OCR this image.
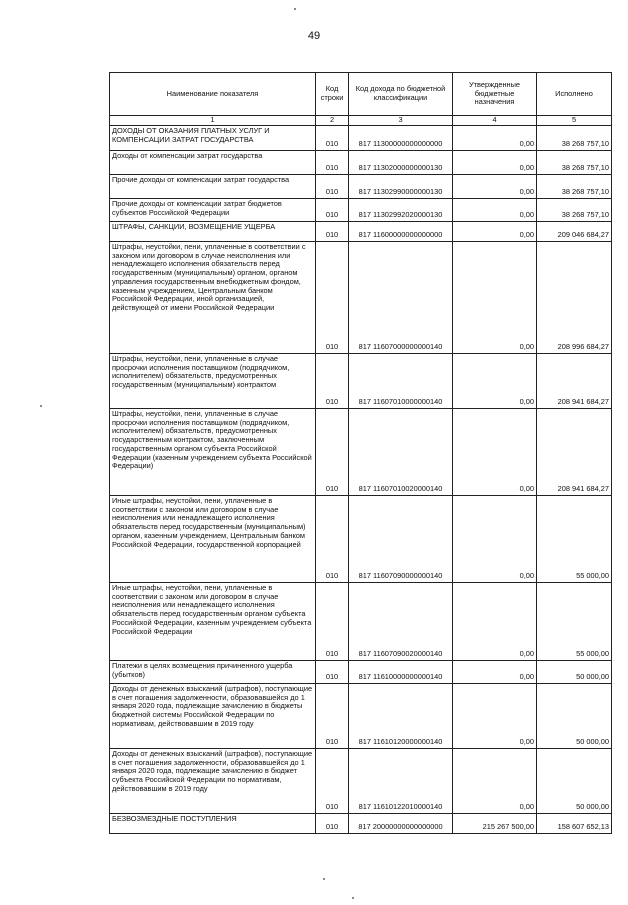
49
Наименование показателя	Код строки	Код дохода по бюджетной классификации	Утвержденные бюджетные назначения	Исполнено
1	2	3	4	5
ДОХОДЫ ОТ ОКАЗАНИЯ ПЛАТНЫХ УСЛУГ И КОМПЕНСАЦИИ ЗАТРАТ ГОСУДАРСТВА	010	817 11300000000000000	0,00	38 268 757,10
Доходы от компенсации затрат государства	010	817 11302000000000130	0,00	38 268 757,10
Прочие доходы от компенсации затрат государства	010	817 11302990000000130	0,00	38 268 757,10
Прочие доходы от компенсации затрат бюджетов субъектов Российской Федерации	010	817 11302992020000130	0,00	38 268 757,10
ШТРАФЫ, САНКЦИИ, ВОЗМЕЩЕНИЕ УЩЕРБА	010	817 11600000000000000	0,00	209 046 684,27
Штрафы, неустойки, пени, уплаченные в соответствии с законом или договором в случае неисполнения или ненадлежащего исполнения обязательств перед государственным (муниципальным) органом, органом управления государственным внебюджетным фондом, казенным учреждением, Центральным банком Российской Федерации, иной организацией, действующей от имени Российской Федерации	010	817 11607000000000140	0,00	208 996 684,27
Штрафы, неустойки, пени, уплаченные в случае просрочки исполнения поставщиком (подрядчиком, исполнителем) обязательств, предусмотренных государственным (муниципальным) контрактом	010	817 11607010000000140	0,00	208 941 684,27
Штрафы, неустойки, пени, уплаченные в случае просрочки исполнения поставщиком (подрядчиком, исполнителем) обязательств, предусмотренных государственным контрактом, заключенным государственным органом субъекта Российской Федерации (казенным учреждением субъекта Российской Федерации)	010	817 11607010020000140	0,00	208 941 684,27
Иные штрафы, неустойки, пени, уплаченные в соответствии с законом или договором в случае неисполнения или ненадлежащего исполнения обязательств перед государственным (муниципальным) органом, казенным учреждением, Центральным банком Российской Федерации, государственной корпорацией	010	817 11607090000000140	0,00	55 000,00
Иные штрафы, неустойки, пени, уплаченные в соответствии с законом или договором в случае неисполнения или ненадлежащего исполнения обязательств перед государственным органом субъекта Российской Федерации, казенным учреждением субъекта Российской Федерации	010	817 11607090020000140	0,00	55 000,00
Платежи в целях возмещения причиненного ущерба (убытков)	010	817 11610000000000140	0,00	50 000,00
Доходы от денежных взысканий (штрафов), поступающие в счет погашения задолженности, образовавшейся до 1 января 2020 года, подлежащие зачислению в бюджеты бюджетной системы Российской Федерации по нормативам, действовавшим в 2019 году	010	817 11610120000000140	0,00	50 000,00
Доходы от денежных взысканий (штрафов), поступающие в счет погашения задолженности, образовавшейся до 1 января 2020 года, подлежащие зачислению в бюджет субъекта Российской Федерации по нормативам, действовавшим в 2019 году	010	817 11610122010000140	0,00	50 000,00
БЕЗВОЗМЕЗДНЫЕ ПОСТУПЛЕНИЯ	010	817 20000000000000000	215 267 500,00	158 607 652,13
